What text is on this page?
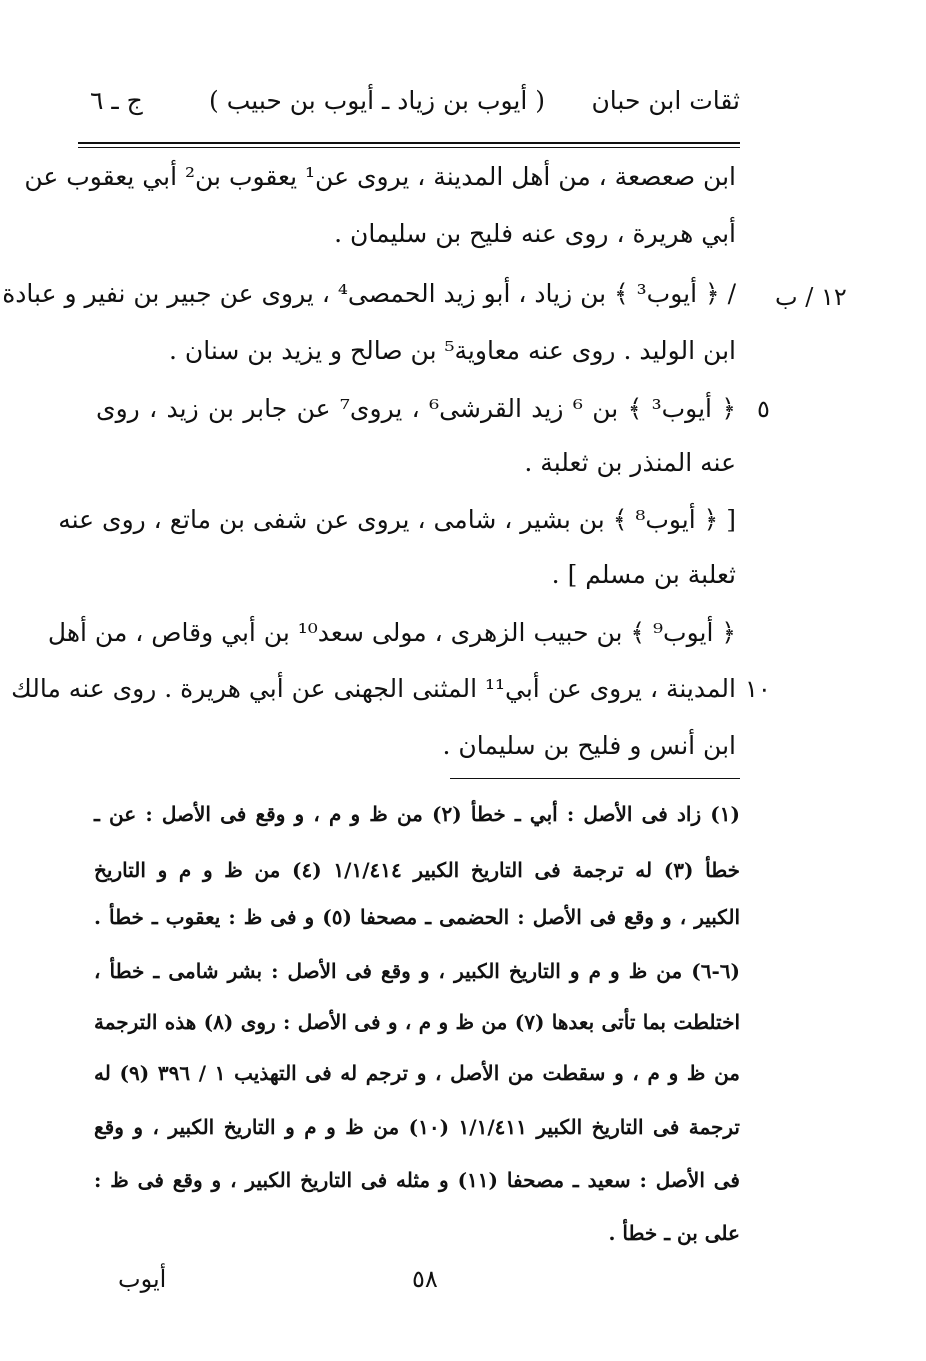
ثقات ابن حبان
( أيوب بن زياد ـ أيوب بن حبيب )
ج ـ ٦
ابن صعصعة ، من أهل المدينة ، يروى عن¹ يعقوب بن² أبي يعقوب عن
أبي هريرة ، روى عنه فليح بن سليمان .
/ ﴿ أيوب³ ﴾ بن زياد ، أبو زيد الحمصى⁴ ، يروى عن جبير بن نفير و عبادة
ابن الوليد . روى عنه معاوية⁵ بن صالح و يزيد بن سنان .
﴿ أيوب³ ﴾ بن ⁶ زيد القرشى⁶ ، يروى⁷ عن جابر بن زيد ، روى
عنه المنذر بن ثعلبة .
[ ﴿ أيوب⁸ ﴾ بن بشير ، شامى ، يروى عن شفى بن ماتع ، روى عنه
ثعلبة بن مسلم ] .
﴿ أيوب⁹ ﴾ بن حبيب الزهرى ، مولى سعد¹⁰ بن أبي وقاص ، من أهل
المدينة ، يروى عن أبي¹¹ المثنى الجهنى عن أبي هريرة . روى عنه مالك
ابن أنس و فليح بن سليمان .
١٢ / ب
٥
١٠
(١) زاد فى الأصل : أبي ـ خطأ (٢) من ظ و م ، و وقع فى الأصل : عن ـ
خطأ (٣) له ترجمة فى التاريخ الكبير ١/١/٤١٤ (٤) من ظ و م و التاريخ
الكبير ، و وقع فى الأصل : الحضمى ـ مصحفا (٥) و فى ظ : يعقوب ـ خطأ .
(٦-٦) من ظ و م و التاريخ الكبير ، و وقع فى الأصل : بشر شامى ـ خطأ ،
اختلطت بما تأتى بعدها (٧) من ظ و م ، و فى الأصل : روى (٨) هذه الترجمة
من ظ و م ، و سقطت من الأصل ، و ترجم له فى التهذيب ١ / ٣٩٦ (٩) له
ترجمة فى التاريخ الكبير ١/١/٤١١ (١٠) من ظ و م و التاريخ الكبير ، و وقع
فى الأصل : سعيد ـ مصحفا (١١) و مثله فى التاريخ الكبير ، و وقع فى ظ :
على بن ـ خطأ .
٥٨
أيوب
